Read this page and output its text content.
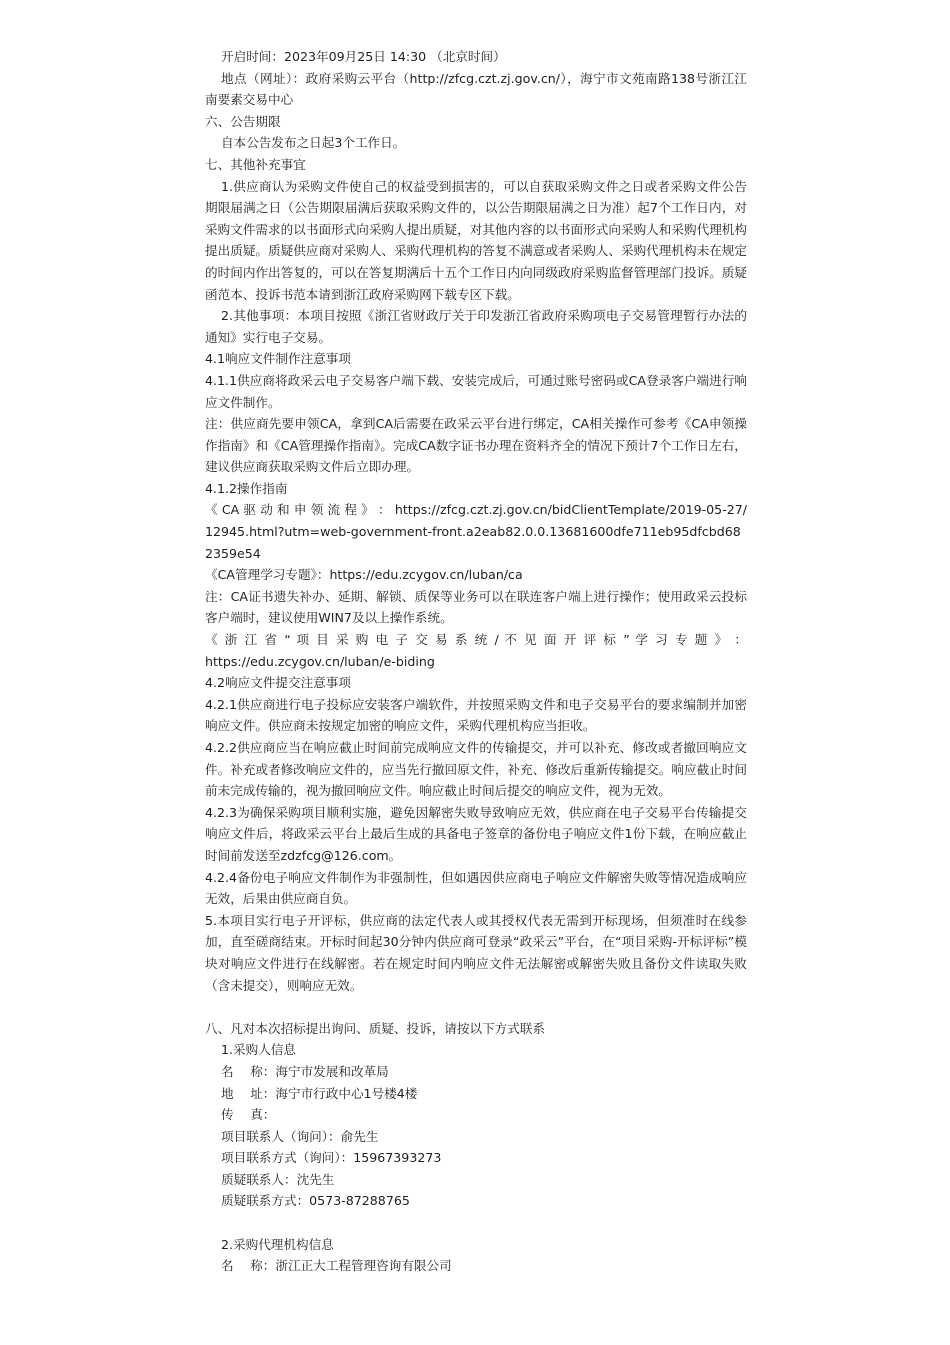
开启时间：2023年09月25日 14:30 （北京时间）

地点（网址）：政府采购云平台（http://zfcg.czt.zj.gov.cn/），海宁市文苑南路138号浙江江南要素交易中心

六、公告期限

自本公告发布之日起3个工作日。

七、其他补充事宜

1.供应商认为采购文件使自己的权益受到损害的，可以自获取采购文件之日或者采购文件公告期限届满之日（公告期限届满后获取采购文件的，以公告期限届满之日为准）起7个工作日内，对采购文件需求的以书面形式向采购人提出质疑，对其他内容的以书面形式向采购人和采购代理机构提出质疑。质疑供应商对采购人、采购代理机构的答复不满意或者采购人、采购代理机构未在规定的时间内作出答复的，可以在答复期满后十五个工作日内向同级政府采购监督管理部门投诉。质疑函范本、投诉书范本请到浙江政府采购网下载专区下载。

2.其他事项：本项目按照《浙江省财政厅关于印发浙江省政府采购项电子交易管理暂行办法的通知》实行电子交易。

4.1响应文件制作注意事项

4.1.1供应商将政采云电子交易客户端下载、安装完成后，可通过账号密码或CA登录客户端进行响应文件制作。

注：供应商先要申领CA，拿到CA后需要在政采云平台进行绑定，CA相关操作可参考《CA申领操作指南》和《CA管理操作指南》。完成CA数字证书办理在资料齐全的情况下预计7个工作日左右，建议供应商获取采购文件后立即办理。

4.1.2操作指南

《 CA 驱 动 和 申 领 流 程 》 ： https://zfcg.czt.zj.gov.cn/bidClientTemplate/2019-05-27/12945.html?utm=web-government-front.a2eab82.0.0.13681600dfe711eb95dfcbd682359e54

《CA管理学习专题》：https://edu.zcygov.cn/luban/ca

注：CA证书遗失补办、延期、解锁、质保等业务可以在联连客户端上进行操作；使用政采云投标客户端时，建议使用WIN7及以上操作系统。

《 浙 江 省 “ 项 目 采 购 电 子 交 易 系 统 / 不 见 面 开 评 标 ” 学 习 专 题 》 ：

https://edu.zcygov.cn/luban/e-biding

4.2响应文件提交注意事项

4.2.1供应商进行电子投标应安装客户端软件，并按照采购文件和电子交易平台的要求编制并加密响应文件。供应商未按规定加密的响应文件，采购代理机构应当拒收。

4.2.2供应商应当在响应截止时间前完成响应文件的传输提交，并可以补充、修改或者撤回响应文件。补充或者修改响应文件的，应当先行撤回原文件，补充、修改后重新传输提交。响应截止时间前未完成传输的，视为撤回响应文件。响应截止时间后提交的响应文件，视为无效。

4.2.3为确保采购项目顺利实施，避免因解密失败导致响应无效，供应商在电子交易平台传输提交响应文件后，将政采云平台上最后生成的具备电子签章的备份电子响应文件1份下载，在响应截止时间前发送至zdzfcg@126.com。

4.2.4备份电子响应文件制作为非强制性，但如遇因供应商电子响应文件解密失败等情况造成响应无效，后果由供应商自负。

5.本项目实行电子开评标，供应商的法定代表人或其授权代表无需到开标现场，但须准时在线参加，直至磋商结束。开标时间起30分钟内供应商可登录“政采云”平台，在“项目采购-开标评标”模块对响应文件进行在线解密。若在规定时间内响应文件无法解密或解密失败且备份文件读取失败（含未提交），则响应无效。

八、凡对本次招标提出询问、质疑、投诉，请按以下方式联系

1.采购人信息

名　 称：海宁市发展和改革局

地　 址：海宁市行政中心1号楼4楼

传　 真：

项目联系人（询问）：俞先生

项目联系方式（询问）：15967393273

质疑联系人：沈先生

质疑联系方式：0573-87288765

2.采购代理机构信息

名　 称：浙江正大工程管理咨询有限公司
